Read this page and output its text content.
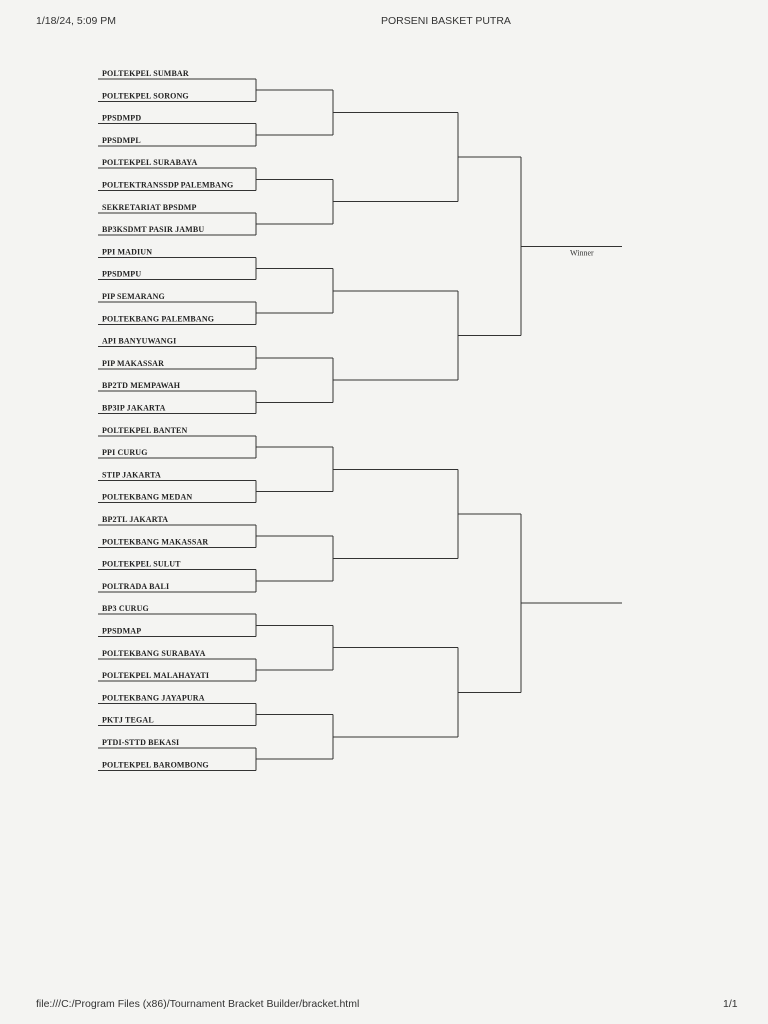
1/18/24, 5:09 PM	PORSENI BASKET PUTRA
POLTEKPEL SUMBAR
POLTEKPEL SORONG
PPSDMPD
PPSDMPL
POLTEKPEL SURABAYA
POLTEKTRANSSDP PALEMBANG
SEKRETARIAT BPSDMP
BP3KSDMT PASIR JAMBU
PPI MADIUN
PPSDMPU
PIP SEMARANG
POLTEKBANG PALEMBANG
API BANYUWANGI
PIP MAKASSAR
BP2TD MEMPAWAH
BP3IP JAKARTA
POLTEKPEL BANTEN
PPI CURUG
STIP JAKARTA
POLTEKBANG MEDAN
BP2TL JAKARTA
POLTEKBANG MAKASSAR
POLTEKPEL SULUT
POLTRADA BALI
BP3 CURUG
PPSDMAP
POLTEKBANG SURABAYA
POLTEKPEL MALAHAYATI
POLTEKBANG JAYAPURA
PKTJ TEGAL
PTDI-STTD BEKASI
POLTEKPEL BAROMBONG
Winner
file:///C:/Program Files (x86)/Tournament Bracket Builder/bracket.html	1/1
